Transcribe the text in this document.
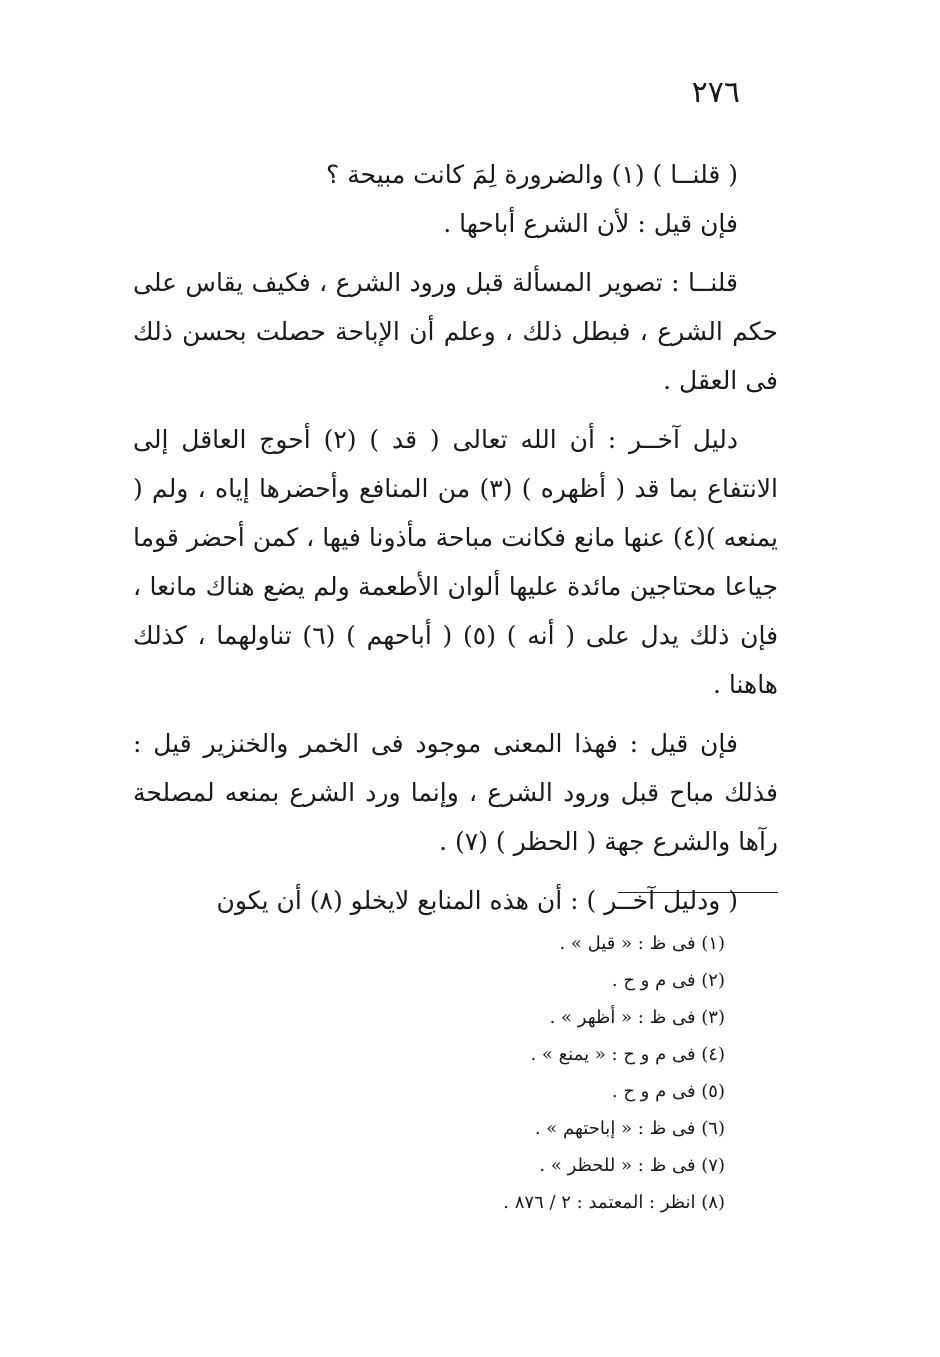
٢٧٦

( قلنــا ) (١) والضرورة لِمَ كانت مبيحة ؟

فإن قيل : لأن الشرع أباحها .

قلنــا : تصوير المسألة قبل ورود الشرع ، فكيف يقاس على حكم الشرع ، فبطل ذلك ، وعلم أن الإباحة حصلت بحسن ذلك فى العقل .

دليل آخــر : أن الله تعالى ( قد ) (٢) أحوج العاقل إلى الانتفاع بما قد ( أظهره ) (٣) من المنافع وأحضرها إياه ، ولم ( يمنعه )(٤) عنها مانع فكانت مباحة مأذونا فيها ، كمن أحضر قوما جياعا محتاجين مائدة عليها ألوان الأطعمة ولم يضع هناك مانعا ، فإن ذلك يدل على ( أنه ) (٥) ( أباحهم ) (٦) تناولهما ، كذلك هاهنا .

فإن قيل : فهذا المعنى موجود فى الخمر والخنزير قيل : فذلك مباح قبل ورود الشرع ، وإنما ورد الشرع بمنعه لمصلحة رآها والشرع جهة ( الحظر ) (٧) .

( ودليل آخــر ) : أن هذه المنابع لايخلو (٨) أن يكون

(١) فى ظ : « قيل » .
(٢) فى م و ح .
(٣) فى ظ : « أظهر » .
(٤) فى م و ح : « يمنع » .
(٥) فى م و ح .
(٦) فى ظ : « إباحتهم » .
(٧) فى ظ : « للحظر » .
(٨) انظر : المعتمد : ٢ / ٨٧٦ .
